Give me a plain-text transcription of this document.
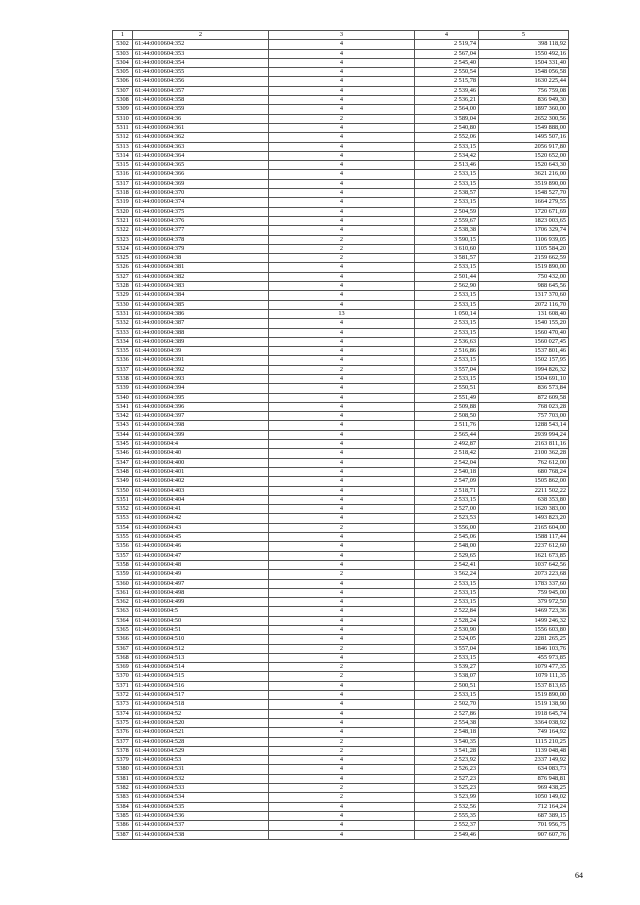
1	2	3	4	5
5302	61:44:0010604:352	4	2 519,74	398 118,92
5303	61:44:0010604:353	4	2 567,04	1550 492,16
5304	61:44:0010604:354	4	2 545,40	1504 331,40
5305	61:44:0010604:355	4	2 550,54	1548 056,58
5306	61:44:0010604:356	4	2 515,78	1630 225,44
5307	61:44:0010604:357	4	2 539,46	756 759,08
5308	61:44:0010604:358	4	2 536,21	836 949,30
5309	61:44:0010604:359	4	2 564,00	1897 360,00
5310	61:44:0010604:36	2	3 589,04	2652 300,56
5311	61:44:0010604:361	4	2 540,80	1549 888,00
5312	61:44:0010604:362	4	2 552,06	1495 507,16
5313	61:44:0010604:363	4	2 533,15	2056 917,80
5314	61:44:0010604:364	4	2 534,42	1520 652,00
5315	61:44:0010604:365	4	2 513,46	1520 643,30
5316	61:44:0010604:366	4	2 533,15	3621 216,00
5317	61:44:0010604:369	4	2 533,15	3519 890,00
5318	61:44:0010604:370	4	2 538,57	1548 527,70
5319	61:44:0010604:374	4	2 533,15	1664 279,55
5320	61:44:0010604:375	4	2 504,59	1720 671,69
5321	61:44:0010604:376	4	2 559,67	1823 003,65
5322	61:44:0010604:377	4	2 538,38	1706 329,74
5323	61:44:0010604:378	2	3 590,15	1106 939,05
5324	61:44:0010604:379	2	3 610,60	1105 584,20
5325	61:44:0010604:38	2	3 581,57	2159 662,59
5326	61:44:0010604:381	4	2 533,15	1519 890,00
5327	61:44:0010604:382	4	2 501,44	750 432,00
5328	61:44:0010604:383	4	2 562,90	988 645,56
5329	61:44:0010604:384	4	2 533,15	1317 370,60
5330	61:44:0010604:385	4	2 533,15	2072 116,70
5331	61:44:0010604:386	13	1 050,14	131 608,40
5332	61:44:0010604:387	4	2 533,15	1540 155,20
5333	61:44:0010604:388	4	2 533,15	1560 470,40
5334	61:44:0010604:389	4	2 536,63	1560 027,45
5335	61:44:0010604:39	4	2 516,86	1537 801,46
5336	61:44:0010604:391	4	2 533,15	1502 157,95
5337	61:44:0010604:392	2	3 557,04	1994 826,32
5338	61:44:0010604:393	4	2 533,15	1504 691,10
5339	61:44:0010604:394	4	2 550,51	836 573,84
5340	61:44:0010604:395	4	2 551,49	872 609,58
5341	61:44:0010604:396	4	2 509,88	768 023,28
5342	61:44:0010604:397	4	2 508,50	757 703,00
5343	61:44:0010604:398	4	2 511,76	1288 543,14
5344	61:44:0010604:399	4	2 565,44	2939 994,24
5345	61:44:0010604:4	4	2 492,87	2163 811,16
5346	61:44:0010604:40	4	2 518,42	2100 362,28
5347	61:44:0010604:400	4	2 542,04	762 612,00
5348	61:44:0010604:401	4	2 540,18	680 768,24
5349	61:44:0010604:402	4	2 547,09	1505 862,00
5350	61:44:0010604:403	4	2 518,71	2211 502,22
5351	61:44:0010604:404	4	2 533,15	638 353,80
5352	61:44:0010604:41	4	2 527,00	1620 383,00
5353	61:44:0010604:42	4	2 523,53	1493 823,20
5354	61:44:0010604:43	2	3 556,00	2165 604,00
5355	61:44:0010604:45	4	2 545,06	1588 117,44
5356	61:44:0010604:46	4	2 548,00	2237 612,60
5357	61:44:0010604:47	4	2 529,65	1621 673,85
5358	61:44:0010604:48	4	2 542,41	1037 642,56
5359	61:44:0010604:49	2	3 562,24	2073 223,68
5360	61:44:0010604:497	4	2 533,15	1783 337,60
5361	61:44:0010604:498	4	2 533,15	759 945,00
5362	61:44:0010604:499	4	2 533,15	379 972,50
5363	61:44:0010604:5	4	2 522,84	1469 723,36
5364	61:44:0010604:50	4	2 528,24	1499 246,32
5365	61:44:0010604:51	4	2 530,90	1556 603,80
5366	61:44:0010604:510	4	2 524,05	2281 265,25
5367	61:44:0010604:512	2	3 557,04	1846 103,76
5368	61:44:0010604:513	4	2 533,15	455 973,85
5369	61:44:0010604:514	2	3 539,27	1079 477,35
5370	61:44:0010604:515	2	3 538,07	1079 111,35
5371	61:44:0010604:516	4	2 500,51	1537 813,65
5372	61:44:0010604:517	4	2 533,15	1519 890,00
5373	61:44:0010604:518	4	2 502,70	1519 138,90
5374	61:44:0010604:52	4	2 527,86	1918 645,74
5375	61:44:0010604:520	4	2 554,38	3364 038,92
5376	61:44:0010604:521	4	2 548,18	749 164,92
5377	61:44:0010604:528	2	3 540,35	1115 210,25
5378	61:44:0010604:529	2	3 541,28	1139 048,48
5379	61:44:0010604:53	4	2 523,92	2337 149,92
5380	61:44:0010604:531	4	2 526,23	634 083,73
5381	61:44:0010604:532	4	2 527,23	876 948,81
5382	61:44:0010604:533	2	3 525,23	969 438,25
5383	61:44:0010604:534	2	3 523,99	1050 149,02
5384	61:44:0010604:535	4	2 532,56	712 164,24
5385	61:44:0010604:536	4	2 555,35	687 389,15
5386	61:44:0010604:537	4	2 552,37	701 956,75
5387	61:44:0010604:538	4	2 549,46	907 607,76
64
